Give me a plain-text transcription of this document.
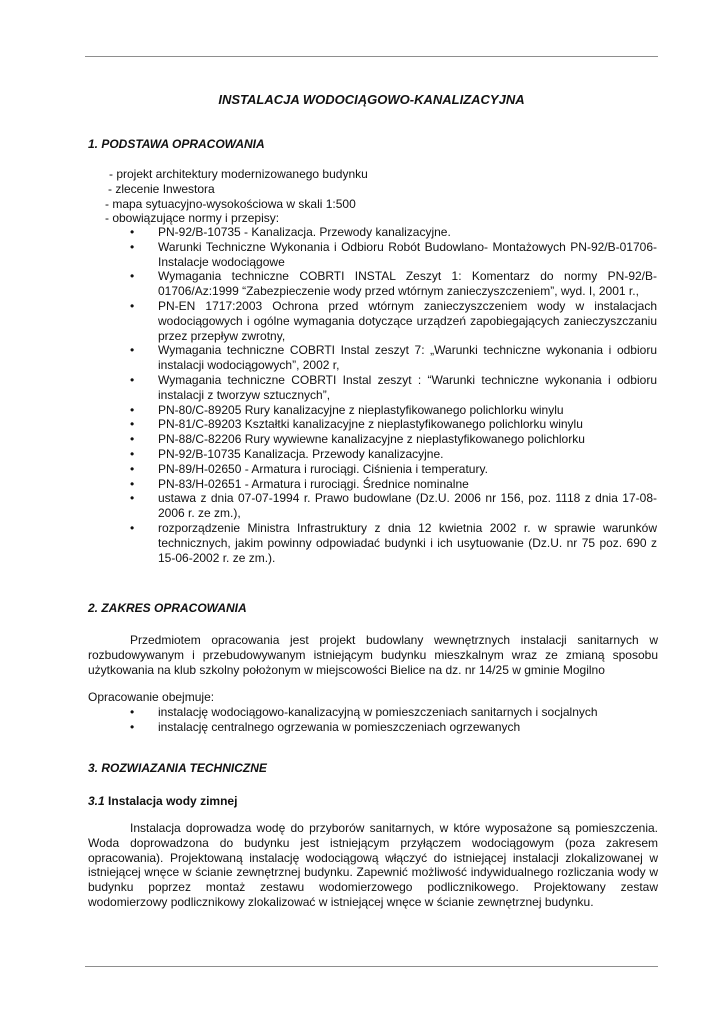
INSTALACJA WODOCIĄGOWO-KANALIZACYJNA
1. PODSTAWA OPRACOWANIA
- projekt architektury modernizowanego budynku
- zlecenie Inwestora
- mapa sytuacyjno-wysokościowa w skali 1:500
- obowiązujące normy i przepisy:
• PN-92/B-10735 - Kanalizacja. Przewody kanalizacyjne.
• Warunki Techniczne Wykonania i Odbioru Robót Budowlano- Montażowych PN-92/B-01706- Instalacje wodociągowe
• Wymagania techniczne COBRTI INSTAL Zeszyt 1: Komentarz do normy PN-92/B-01706/Az:1999 “Zabezpieczenie wody przed wtórnym zanieczyszczeniem”, wyd. I, 2001 r.,
• PN-EN 1717:2003 Ochrona przed wtórnym zanieczyszczeniem wody w instalacjach wodociągowych i ogólne wymagania dotyczące urządzeń zapobiegających zanieczyszczaniu przez przepływ zwrotny,
• Wymagania techniczne COBRTI Instal zeszyt 7: „Warunki techniczne wykonania i odbioru instalacji wodociągowych”, 2002 r,
• Wymagania techniczne COBRTI Instal zeszyt : “Warunki techniczne wykonania i odbioru instalacji z tworzyw sztucznych”,
• PN-80/C-89205 Rury kanalizacyjne z nieplastyfikowanego polichlorku winylu
• PN-81/C-89203 Kształtki kanalizacyjne z nieplastyfikowanego polichlorku winylu
• PN-88/C-82206 Rury wywiewne kanalizacyjne z nieplastyfikowanego polichlorku
• PN-92/B-10735 Kanalizacja. Przewody kanalizacyjne.
• PN-89/H-02650 - Armatura i rurociągi. Ciśnienia i temperatury.
• PN-83/H-02651 - Armatura i rurociągi. Średnice nominalne
• ustawa z dnia 07-07-1994 r. Prawo budowlane (Dz.U. 2006 nr 156, poz. 1118 z dnia 17-08-2006 r. ze zm.),
• rozporządzenie Ministra Infrastruktury z dnia 12 kwietnia 2002 r. w sprawie warunków technicznych, jakim powinny odpowiadać budynki i ich usytuowanie (Dz.U. nr 75 poz. 690 z 15-06-2002 r. ze zm.).
2. ZAKRES OPRACOWANIA

Przedmiotem opracowania jest projekt budowlany wewnętrznych instalacji sanitarnych w rozbudowywanym i przebudowywanym istniejącym budynku mieszkalnym wraz ze zmianą sposobu użytkowania na klub szkolny położonym w miejscowości Bielice na dz. nr 14/25 w gminie Mogilno

Opracowanie obejmuje:

• instalację wodociągowo-kanalizacyjną w pomieszczeniach sanitarnych i socjalnych
• instalację centralnego ogrzewania w pomieszczeniach ogrzewanych
3. ROZWIAZANIA TECHNICZNE
3.1 Instalacja wody zimnej

Instalacja doprowadza wodę do przyborów sanitarnych, w które wyposażone są pomieszczenia. Woda doprowadzona do budynku jest istniejącym przyłączem wodociągowym (poza zakresem opracowania). Projektowaną instalację wodociągową włączyć do istniejącej instalacji zlokalizowanej w istniejącej wnęce w ścianie zewnętrznej budynku. Zapewnić możliwość indywidualnego rozliczania wody w budynku poprzez montaż zestawu wodomierzowego podlicznikowego. Projektowany zestaw wodomierzowy podlicznikowy zlokalizować w istniejącej wnęce w ścianie zewnętrznej budynku.
